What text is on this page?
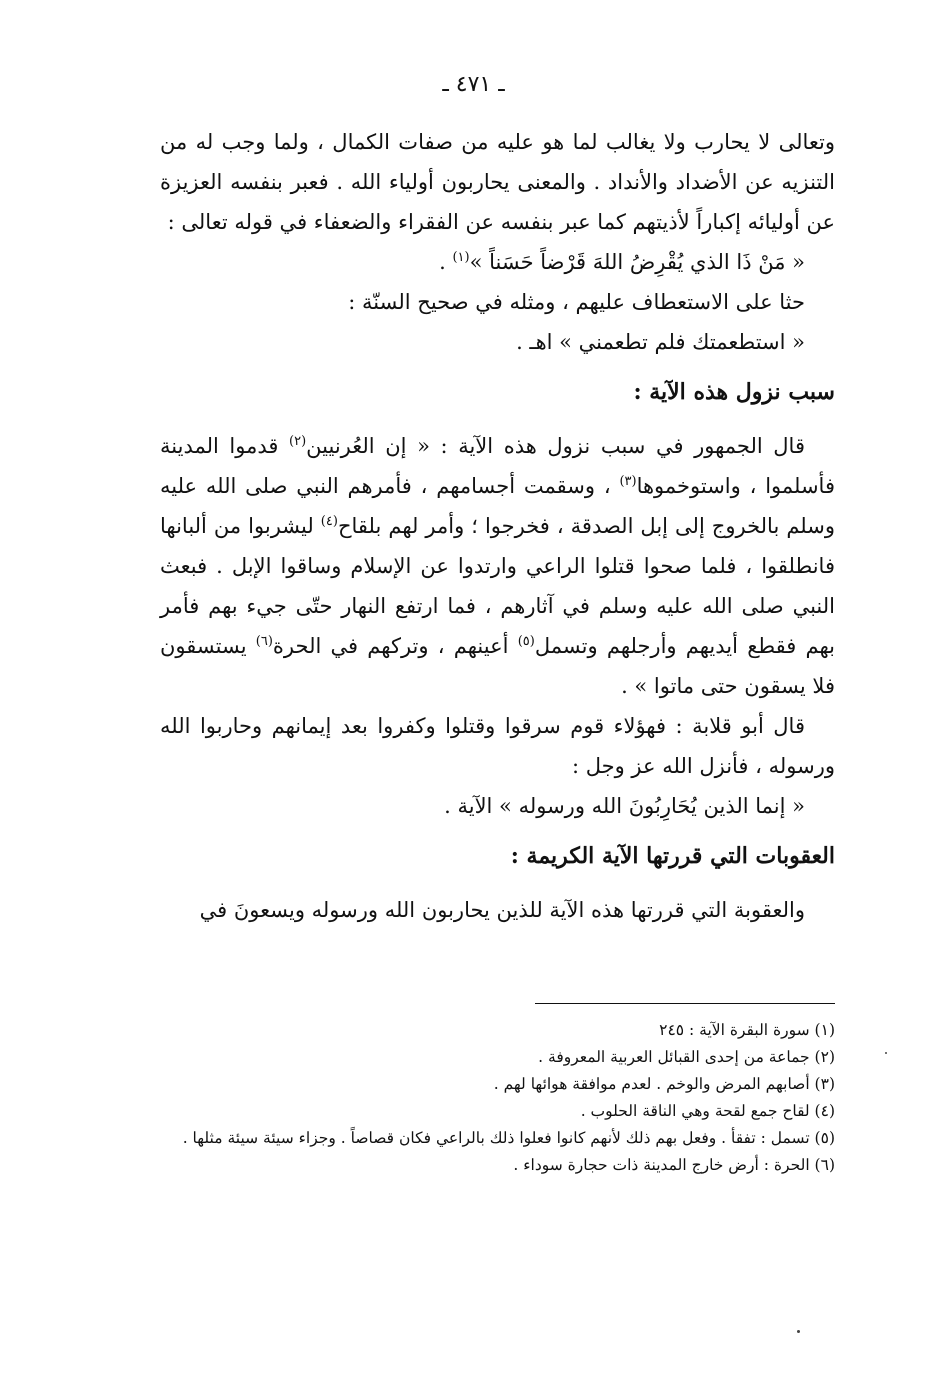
ـ ٤٧١ ـ

وتعالى لا يحارب ولا يغالب لما هو عليه من صفات الكمال ، ولما وجب له من التنزيه عن الأضداد والأنداد . والمعنى يحاربون أولياء الله . فعبر بنفسه العزيزة عن أوليائه إكباراً لأذيتهم كما عبر بنفسه عن الفقراء والضعفاء في قوله تعالى :

« مَنْ ذَا الذي يُقْرِضُ اللهَ قَرْضاً حَسَناً »$^{(١)}$ .

حثا على الاستعطاف عليهم ، ومثله في صحيح السنّة :

« استطعمتك فلم تطعمني » اهـ .

سبب نزول هذه الآية :

قال الجمهور في سبب نزول هذه الآية : « إن العُرنيين$^{(٢)}$ قدموا المدينة فأسلموا ، واستوخموها$^{(٣)}$ ، وسقمت أجسامهم ، فأمرهم النبي صلى الله عليه وسلم بالخروج إلى إبل الصدقة ، فخرجوا ؛ وأمر لهم بلقاح$^{(٤)}$ ليشربوا من ألبانها فانطلقوا ، فلما صحوا قتلوا الراعي وارتدوا عن الإسلام وساقوا الإبل . فبعث النبي صلى الله عليه وسلم في آثارهم ، فما ارتفع النهار حتّى جيء بهم فأمر بهم فقطع أيديهم وأرجلهم وتسمل$^{(٥)}$ أعينهم ، وتركهم في الحرة$^{(٦)}$ يستسقون فلا يسقون حتى ماتوا » .

قال أبو قلابة : فهؤلاء قوم سرقوا وقتلوا وكفروا بعد إيمانهم وحاربوا الله ورسوله ، فأنزل الله عز وجل :

« إنما الذين يُحَارِبُونَ الله ورسوله » الآية .

العقوبات التي قررتها الآية الكريمة :

والعقوبة التي قررتها هذه الآية للذين يحاربون الله ورسوله ويسعونَ في

(١) سورة البقرة الآية : ٢٤٥

(٢) جماعة من إحدى القبائل العربية المعروفة .

(٣) أصابهم المرض والوخم . لعدم موافقة هوائها لهم .

(٤) لقاح جمع لقحة وهي الناقة الحلوب .

(٥) تسمل : تفقأ . وفعل بهم ذلك لأنهم كانوا فعلوا ذلك بالراعي فكان قصاصاً . وجزاء سيئة سيئة مثلها .

(٦) الحرة : أرض خارج المدينة ذات حجارة سوداء .
